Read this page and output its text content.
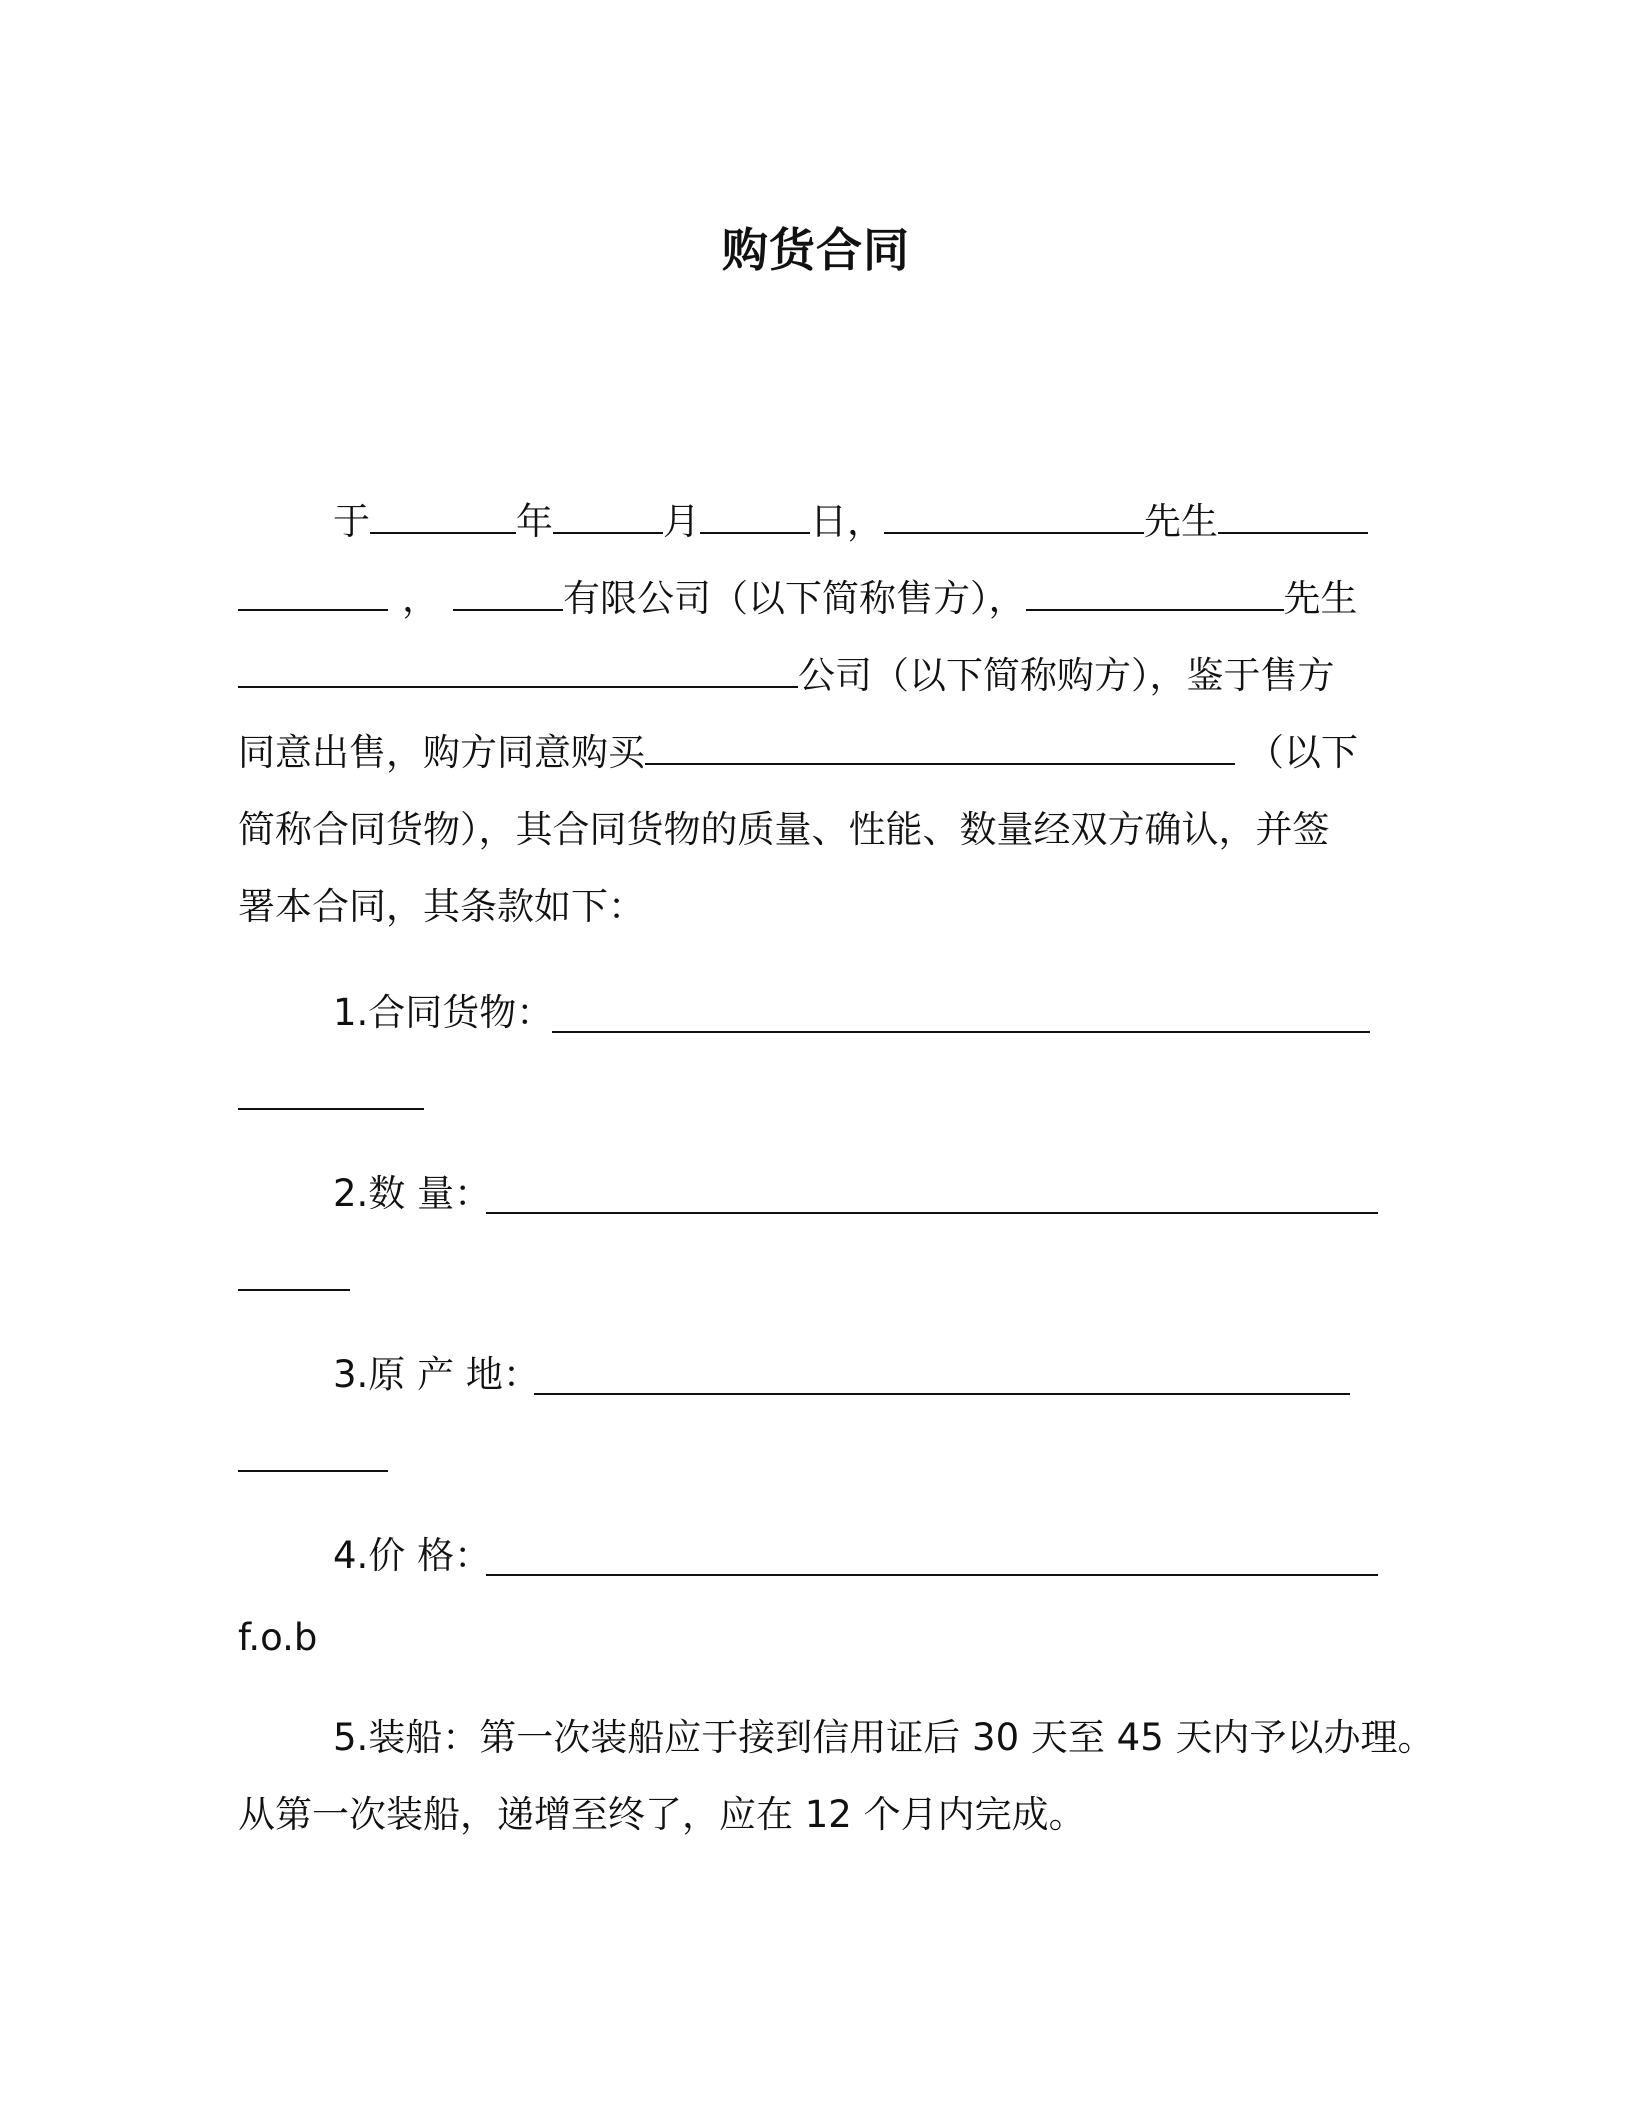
购货合同
于	年	月	日，	先生
，	有限公司（以下简称售方），	先生
公司（以下简称购方），鉴于售方
同意出售，购方同意购买	（以下
简称合同货物），其合同货物的质量、性能、数量经双方确认，并签
署本合同，其条款如下：
1.合同货物：
2.数 量：
3.原 产 地：
4.价 格：
f.o.b
5.装船：第一次装船应于接到信用证后 30 天至 45 天内予以办理。
从第一次装船，递增至终了，应在 12 个月内完成。
